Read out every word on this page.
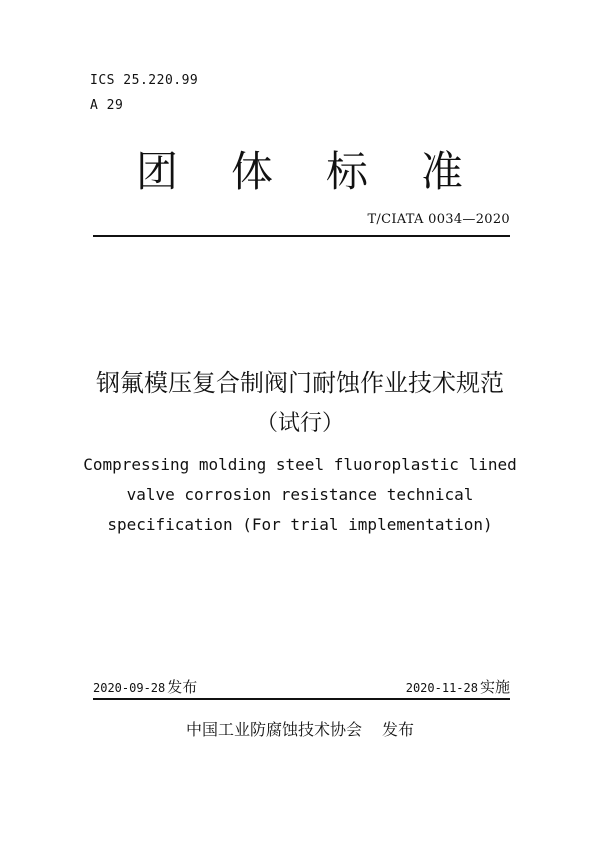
ICS 25.220.99
A 29
团 体 标 准
T/CIATA 0034—2020
钢氟模压复合制阀门耐蚀作业技术规范
（试行）
Compressing molding steel fluoroplastic lined
valve corrosion resistance technical
specification (For trial implementation)
2020-09-28 发布	2020-11-28 实施
中国工业防腐蚀技术协会 发布
